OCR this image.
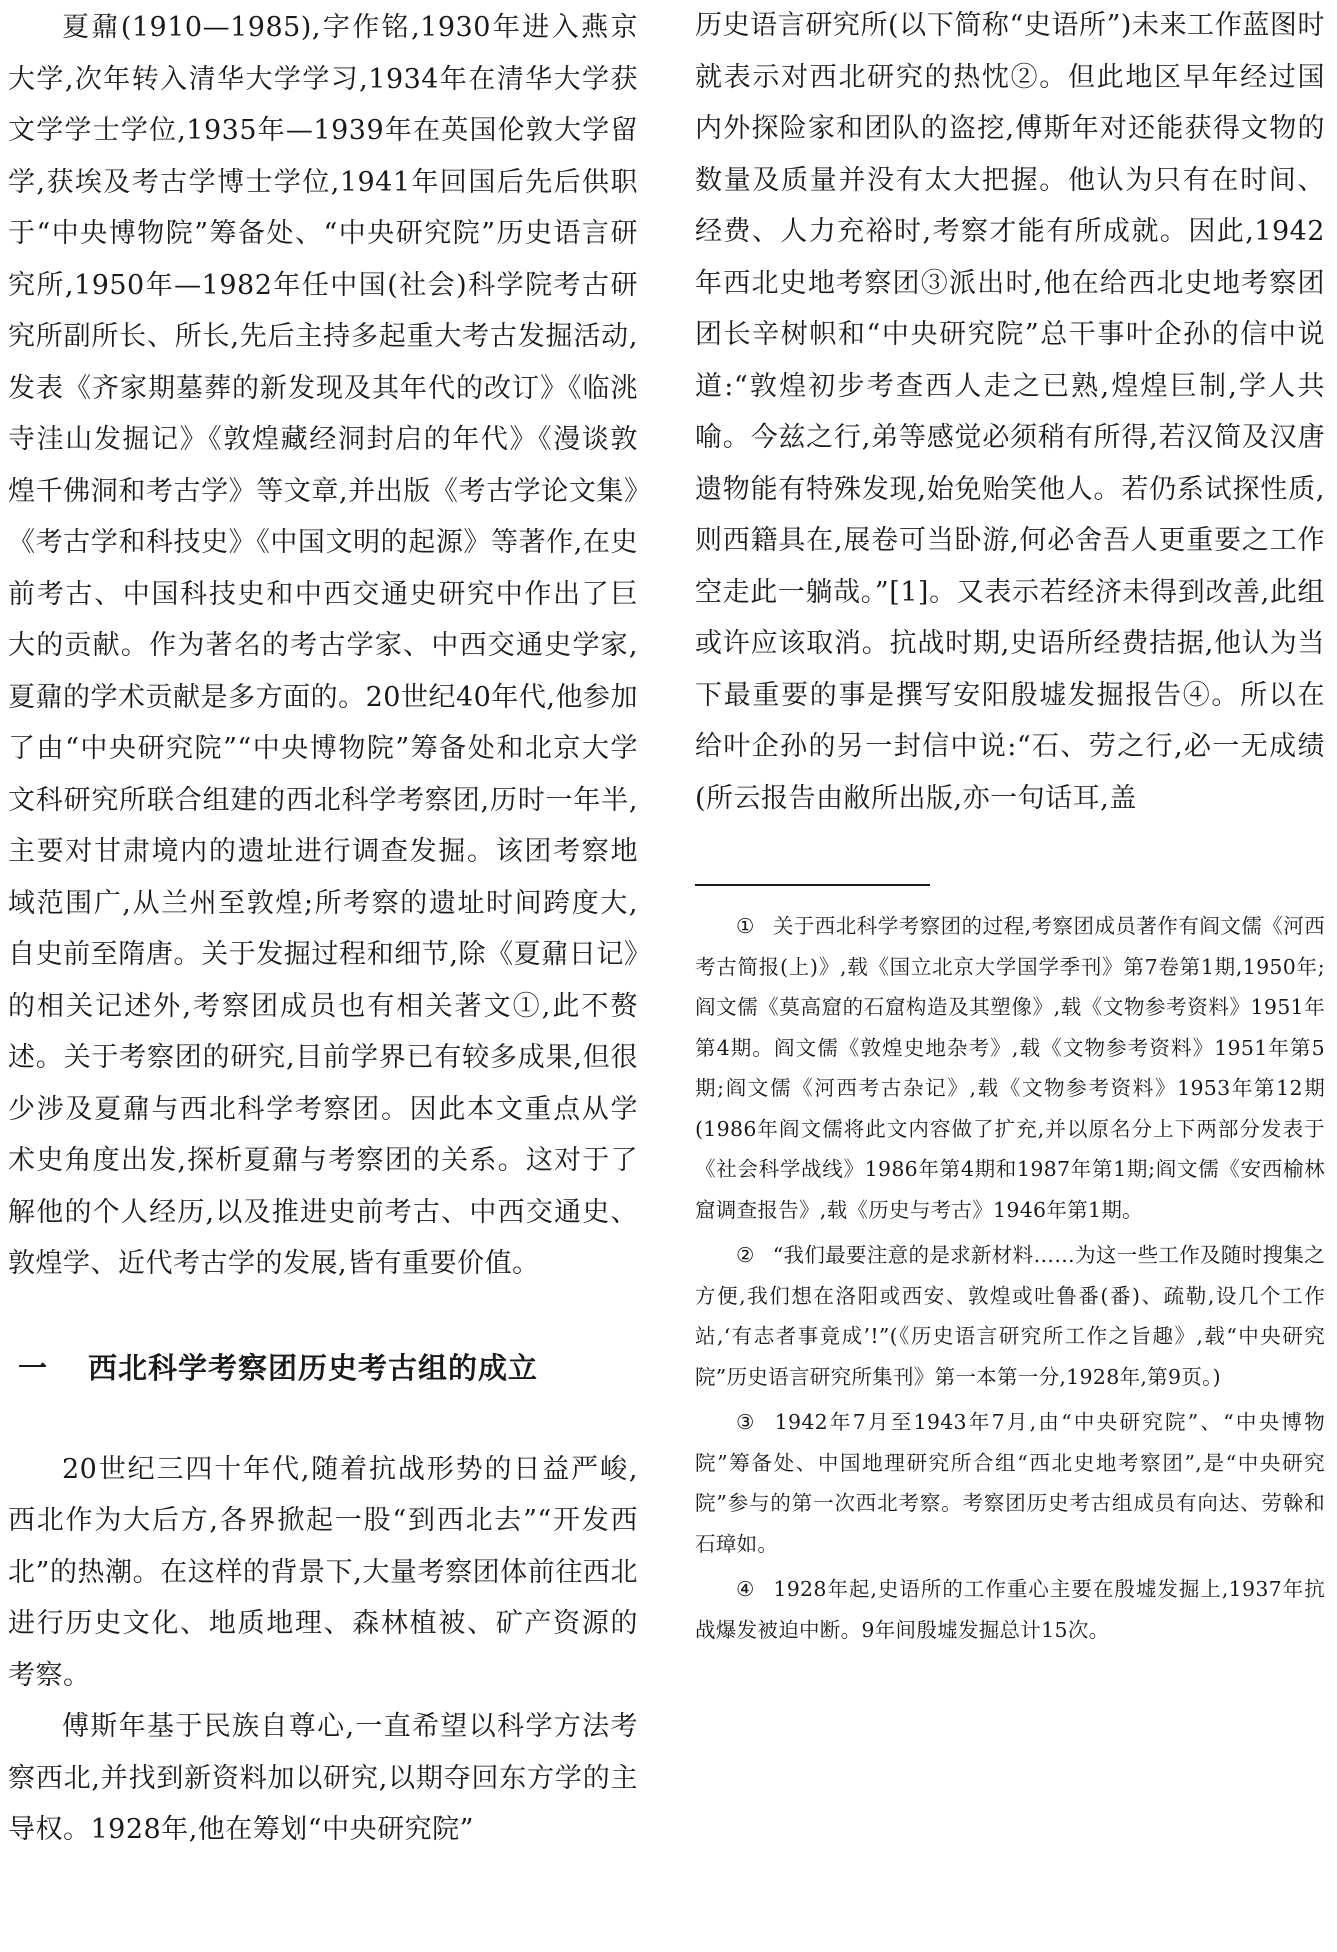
夏鼐(1910—1985),字作铭,1930年进入燕京大学,次年转入清华大学学习,1934年在清华大学获文学学士学位,1935年—1939年在英国伦敦大学留学,获埃及考古学博士学位,1941年回国后先后供职于“中央博物院”筹备处、“中央研究院”历史语言研究所,1950年—1982年任中国(社会)科学院考古研究所副所长、所长,先后主持多起重大考古发掘活动,发表《齐家期墓葬的新发现及其年代的改订》《临洮寺洼山发掘记》《敦煌藏经洞封启的年代》《漫谈敦煌千佛洞和考古学》等文章,并出版《考古学论文集》《考古学和科技史》《中国文明的起源》等著作,在史前考古、中国科技史和中西交通史研究中作出了巨大的贡献。作为著名的考古学家、中西交通史学家,夏鼐的学术贡献是多方面的。20世纪40年代,他参加了由“中央研究院”“中央博物院”筹备处和北京大学文科研究所联合组建的西北科学考察团,历时一年半,主要对甘肃境内的遗址进行调查发掘。该团考察地域范围广,从兰州至敦煌;所考察的遗址时间跨度大,自史前至隋唐。关于发掘过程和细节,除《夏鼐日记》的相关记述外,考察团成员也有相关著文①,此不赘述。关于考察团的研究,目前学界已有较多成果,但很少涉及夏鼐与西北科学考察团。因此本文重点从学术史角度出发,探析夏鼐与考察团的关系。这对于了解他的个人经历,以及推进史前考古、中西交通史、敦煌学、近代考古学的发展,皆有重要价值。

一 西北科学考察团历史考古组的成立

20世纪三四十年代,随着抗战形势的日益严峻,西北作为大后方,各界掀起一股“到西北去”“开发西北”的热潮。在这样的背景下,大量考察团体前往西北进行历史文化、地质地理、森林植被、矿产资源的考察。

傅斯年基于民族自尊心,一直希望以科学方法考察西北,并找到新资料加以研究,以期夺回东方学的主导权。1928年,他在筹划“中央研究院”

历史语言研究所(以下简称“史语所”)未来工作蓝图时就表示对西北研究的热忱②。但此地区早年经过国内外探险家和团队的盗挖,傅斯年对还能获得文物的数量及质量并没有太大把握。他认为只有在时间、经费、人力充裕时,考察才能有所成就。因此,1942年西北史地考察团③派出时,他在给西北史地考察团团长辛树帜和“中央研究院”总干事叶企孙的信中说道:“敦煌初步考查西人走之已熟,煌煌巨制,学人共喻。今兹之行,弟等感觉必须稍有所得,若汉简及汉唐遗物能有特殊发现,始免贻笑他人。若仍系试探性质,则西籍具在,展卷可当卧游,何必舍吾人更重要之工作空走此一躺哉。”[1]。又表示若经济未得到改善,此组或许应该取消。抗战时期,史语所经费拮据,他认为当下最重要的事是撰写安阳殷墟发掘报告④。所以在给叶企孙的另一封信中说:“石、劳之行,必一无成绩(所云报告由敝所出版,亦一句话耳,盖

① 关于西北科学考察团的过程,考察团成员著作有阎文儒《河西考古简报(上)》,载《国立北京大学国学季刊》第7卷第1期,1950年;阎文儒《莫高窟的石窟构造及其塑像》,载《文物参考资料》1951年第4期。阎文儒《敦煌史地杂考》,载《文物参考资料》1951年第5期;阎文儒《河西考古杂记》,载《文物参考资料》1953年第12期(1986年阎文儒将此文内容做了扩充,并以原名分上下两部分发表于《社会科学战线》1986年第4期和1987年第1期;阎文儒《安西榆林窟调查报告》,载《历史与考古》1946年第1期。

② “我们最要注意的是求新材料……为这一些工作及随时搜集之方便,我们想在洛阳或西安、敦煌或吐鲁番(番)、疏勒,设几个工作站,‘有志者事竟成’!”(《历史语言研究所工作之旨趣》,载“中央研究院”历史语言研究所集刊》第一本第一分,1928年,第9页。)

③ 1942年7月至1943年7月,由“中央研究院”、“中央博物院”筹备处、中国地理研究所合组“西北史地考察团”,是“中央研究院”参与的第一次西北考察。考察团历史考古组成员有向达、劳榦和石璋如。

④ 1928年起,史语所的工作重心主要在殷墟发掘上,1937年抗战爆发被迫中断。9年间殷墟发掘总计15次。
